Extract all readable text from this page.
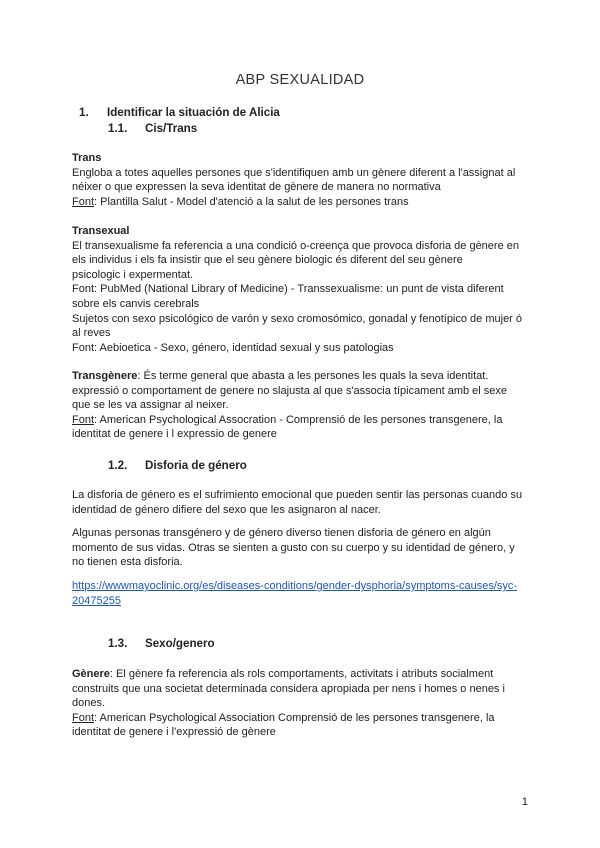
ABP SEXUALIDAD
1. Identificar la situación de Alicia
1.1. Cis/Trans

Trans

Engloba a totes aquelles persones que s'identifiquen amb un gènere diferent a l'assignat al

néixer o que expressen la seva identitat de gènere de manera no normativa

Font: Plantilla Salut - Model d'atenció a la salut de les persones trans

Transexual

El transexualisme fa referencia a una condició o-creença que provoca disforia de gènere en

els individus i els fa insistir que el seu gènere biologic és diferent del seu gènere

psicologic i expermentat.

Font: PubMed (National Library of Medicine) - Transsexualisme: un punt de vista diferent

sobre els canvis cerebrals

Sujetos con sexo psicológico de varón y sexo cromosómico, gonadal y fenotípico de mujer ó

al reves

Font: Aebioetica - Sexo, género, identidad sexual y sus patologias

Transgènere: És terme general que abasta a les persones les quals la seva identitat.

expressió o comportament de genere no slajusta al que s'associa típicament amb el sexe

que se les va assignar al neixer.

Font: American Psychological Assocration - Comprensió de les persones transgenere, la

identitat de genere i l expressio de genere

1.2. Disforia de género

La disforia de género es el sufrimiento emocional que pueden sentir las personas cuando su

identidad de género difiere del sexo que les asignaron al nacer.

Algunas personas transgénero y de género diverso tienen disforia de género en algún

momento de sus vidas. Otras se sienten a gusto con su cuerpo y su identidad de género, y

no tienen esta disforia.

https://wwwmayoclinic.org/es/diseases-conditions/gender-dysphoria/symptoms-causes/syc-

20475255

1.3. Sexo/genero

Gènere: El gènere fa referencia als rols comportaments, activitats i atributs socialment

construits que una societat determinada considera apropiada per nens i homes o nenes i

dones.

Font: American Psychological Association Comprensió de les persones transgenere, la

identitat de genere i l'expressió de gènere

1
